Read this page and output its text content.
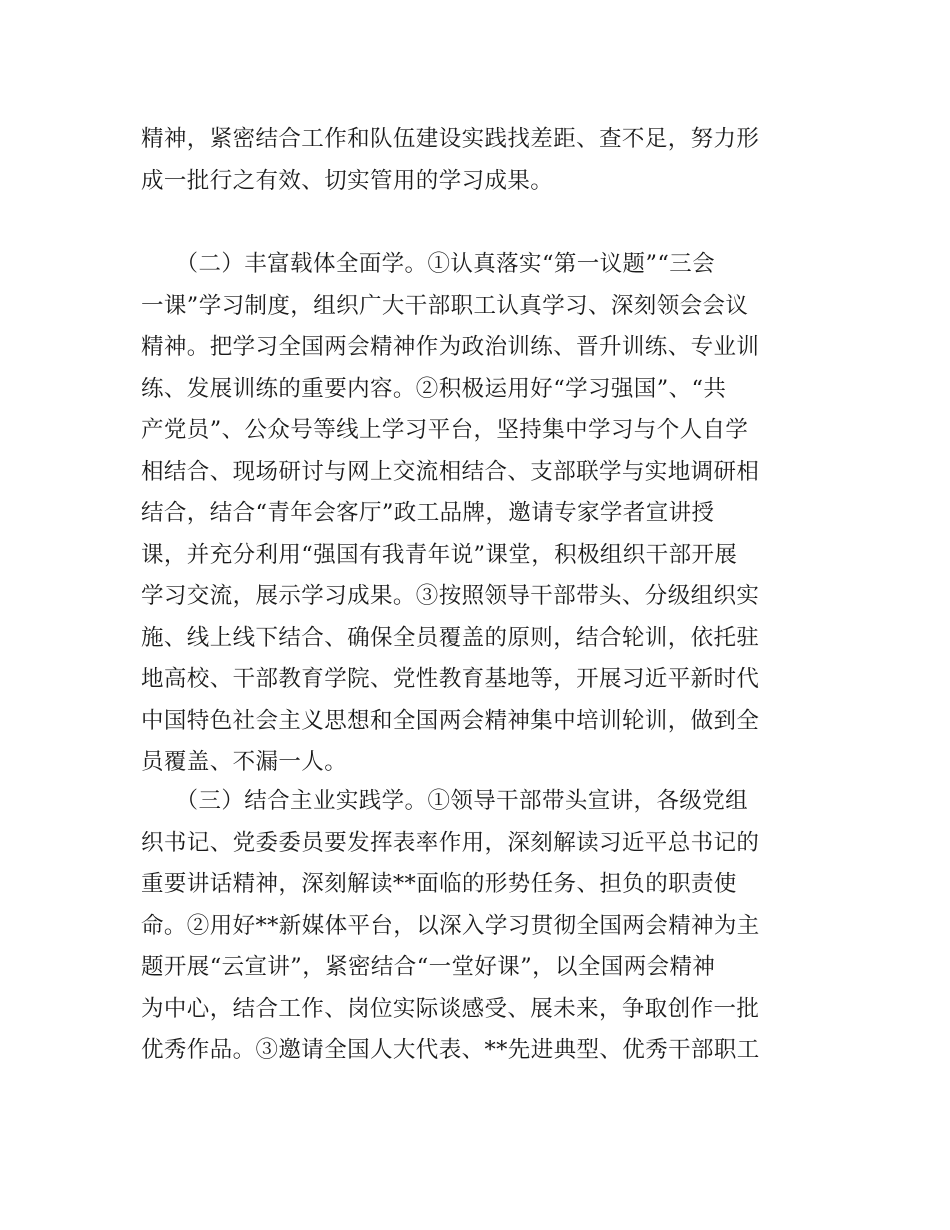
精神，紧密结合工作和队伍建设实践找差距、查不足，努力形
成一批行之有效、切实管用的学习成果。
　　（二）丰富载体全面学。①认真落实“第一议题”“三会
一课”学习制度，组织广大干部职工认真学习、深刻领会会议
精神。把学习全国两会精神作为政治训练、晋升训练、专业训
练、发展训练的重要内容。②积极运用好“学习强国”、“共
产党员”、公众号等线上学习平台，坚持集中学习与个人自学
相结合、现场研讨与网上交流相结合、支部联学与实地调研相
结合，结合“青年会客厅”政工品牌，邀请专家学者宣讲授
课，并充分利用“强国有我青年说”课堂，积极组织干部开展
学习交流，展示学习成果。③按照领导干部带头、分级组织实
施、线上线下结合、确保全员覆盖的原则，结合轮训，依托驻
地高校、干部教育学院、党性教育基地等，开展习近平新时代
中国特色社会主义思想和全国两会精神集中培训轮训，做到全
员覆盖、不漏一人。
　　（三）结合主业实践学。①领导干部带头宣讲，各级党组
织书记、党委委员要发挥表率作用，深刻解读习近平总书记的
重要讲话精神，深刻解读**面临的形势任务、担负的职责使
命。②用好**新媒体平台，以深入学习贯彻全国两会精神为主
题开展“云宣讲”，紧密结合“一堂好课”，以全国两会精神
为中心，结合工作、岗位实际谈感受、展未来，争取创作一批
优秀作品。③邀请全国人大代表、**先进典型、优秀干部职工
